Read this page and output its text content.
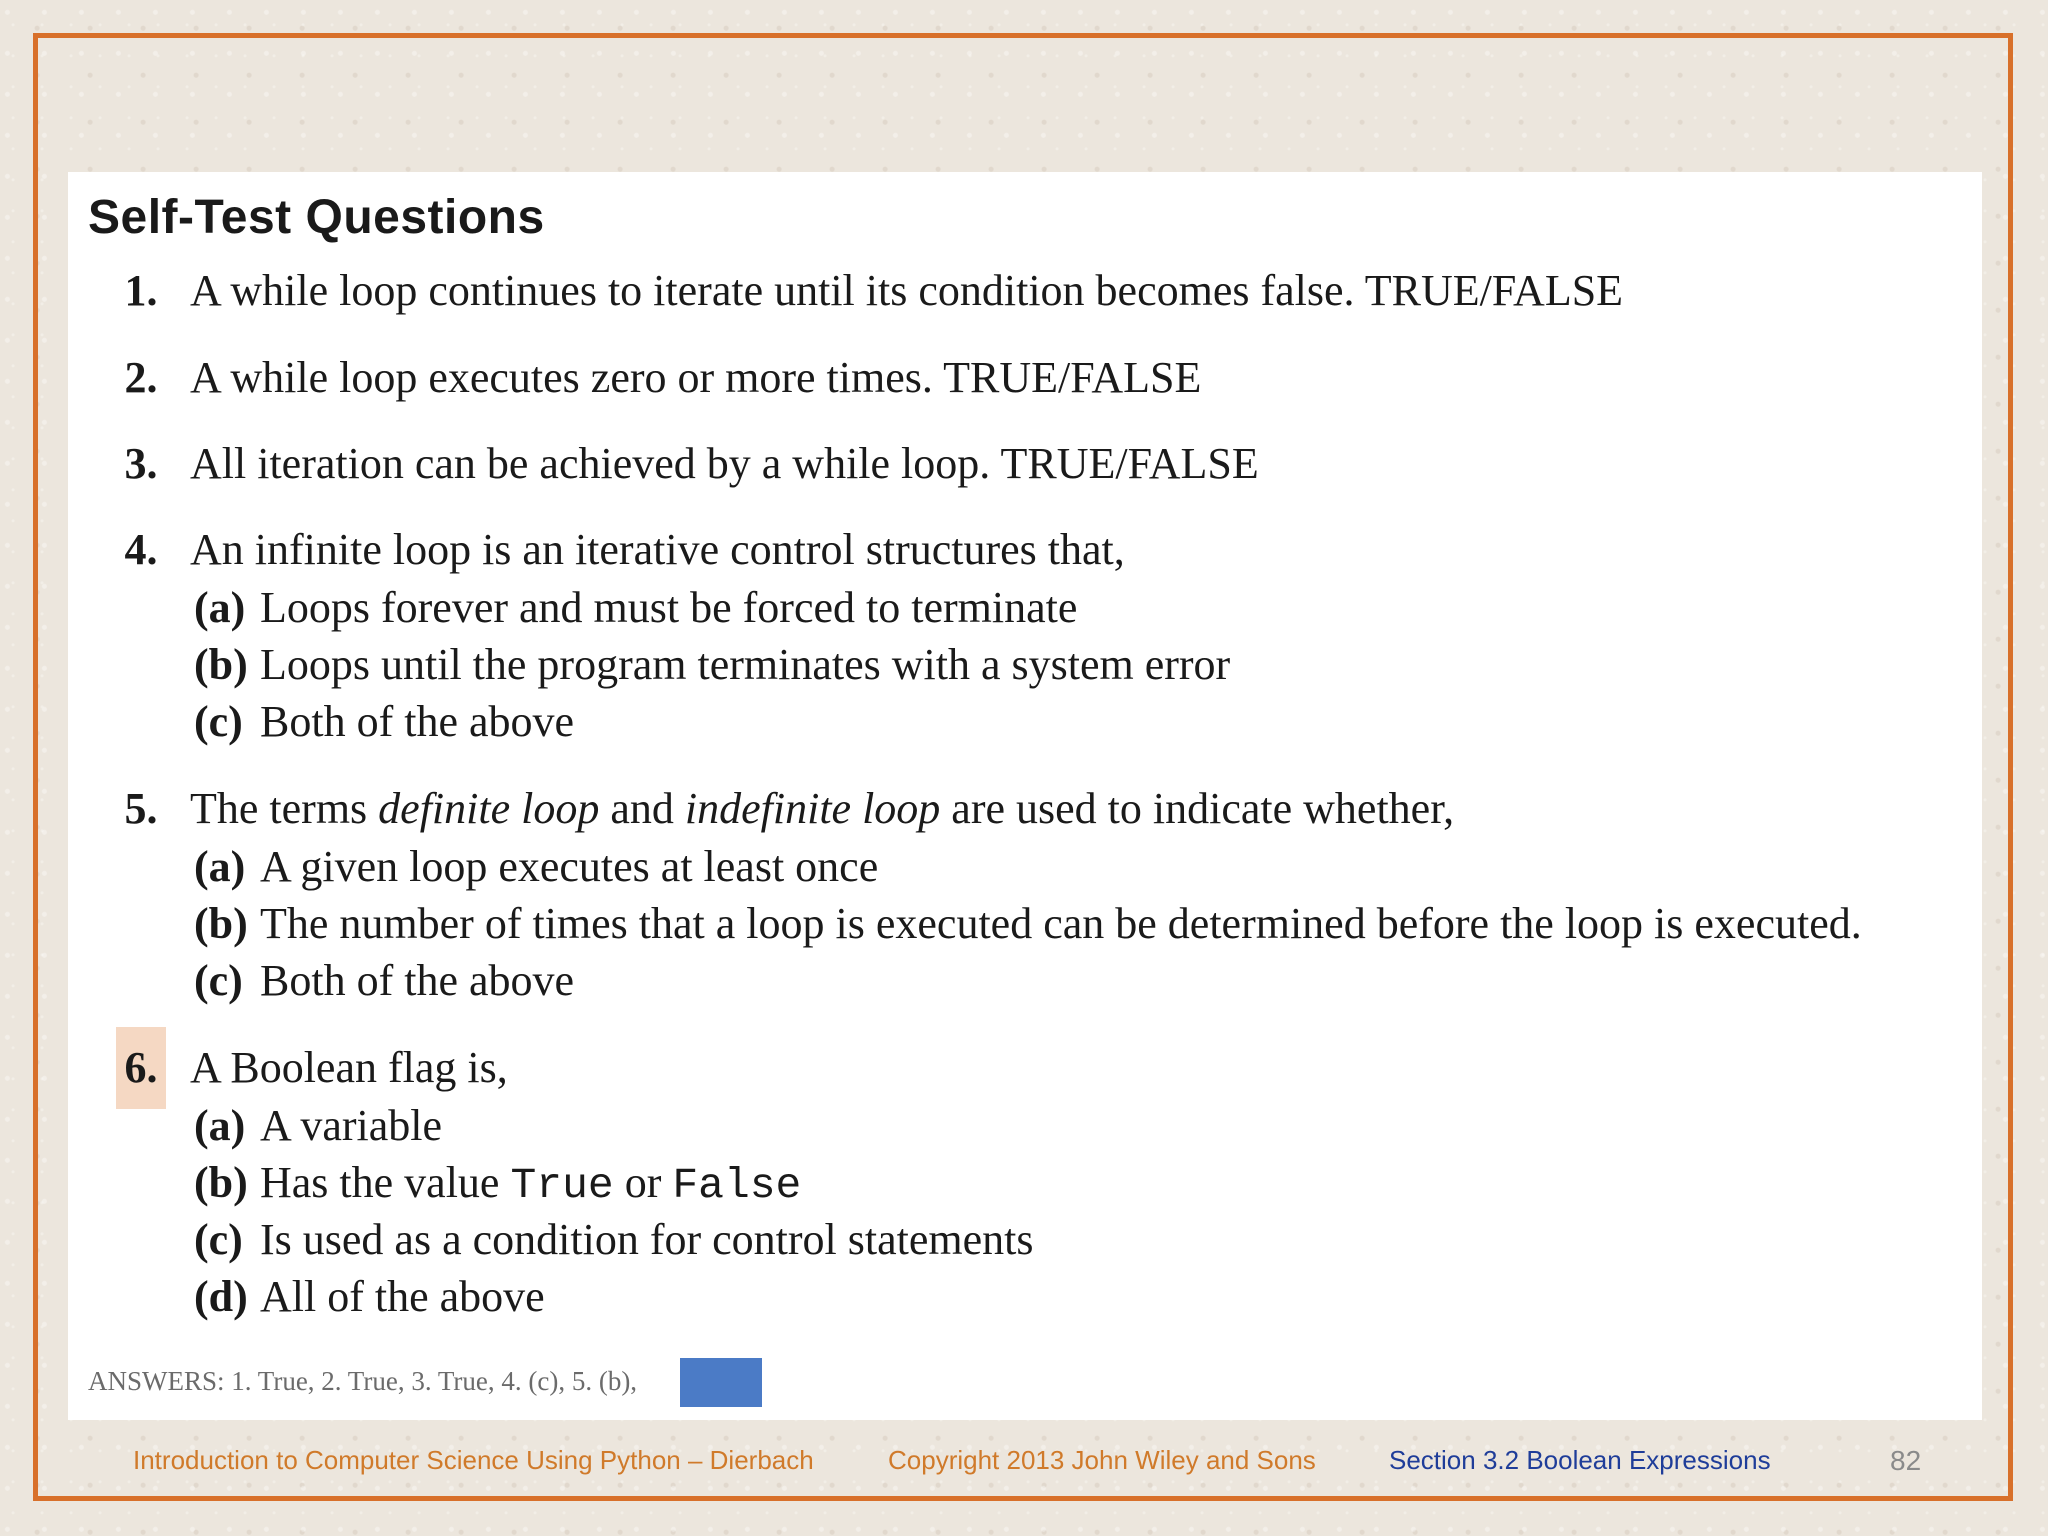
Self-Test Questions
1. A while loop continues to iterate until its condition becomes false. TRUE/FALSE
2. A while loop executes zero or more times. TRUE/FALSE
3. All iteration can be achieved by a while loop. TRUE/FALSE
4. An infinite loop is an iterative control structures that,
(a) Loops forever and must be forced to terminate
(b) Loops until the program terminates with a system error
(c) Both of the above
5. The terms definite loop and indefinite loop are used to indicate whether,
(a) A given loop executes at least once
(b) The number of times that a loop is executed can be determined before the loop is executed.
(c) Both of the above
6. A Boolean flag is,
(a) A variable
(b) Has the value True or False
(c) Is used as a condition for control statements
(d) All of the above
ANSWERS: 1. True, 2. True, 3. True, 4. (c), 5. (b),
Introduction to Computer Science Using Python – Dierbach	Copyright 2013 John Wiley and Sons	Section 3.2 Boolean Expressions	82
